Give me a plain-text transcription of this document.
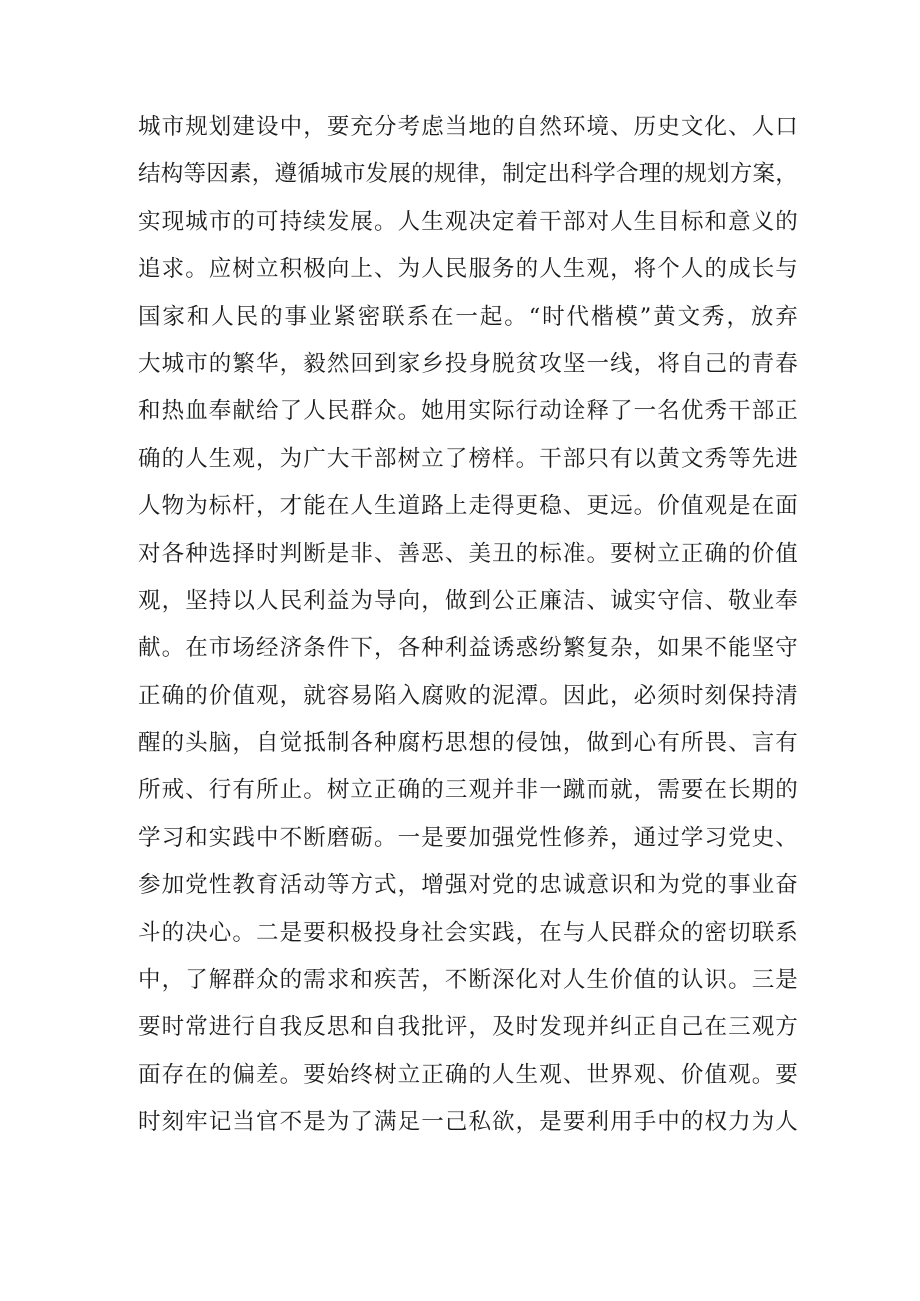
城市规划建设中，要充分考虑当地的自然环境、历史文化、人口
结构等因素，遵循城市发展的规律，制定出科学合理的规划方案，
实现城市的可持续发展。人生观决定着干部对人生目标和意义的
追求。应树立积极向上、为人民服务的人生观，将个人的成长与
国家和人民的事业紧密联系在一起。“时代楷模”黄文秀，放弃
大城市的繁华，毅然回到家乡投身脱贫攻坚一线，将自己的青春
和热血奉献给了人民群众。她用实际行动诠释了一名优秀干部正
确的人生观，为广大干部树立了榜样。干部只有以黄文秀等先进
人物为标杆，才能在人生道路上走得更稳、更远。价值观是在面
对各种选择时判断是非、善恶、美丑的标准。要树立正确的价值
观，坚持以人民利益为导向，做到公正廉洁、诚实守信、敬业奉
献。在市场经济条件下，各种利益诱惑纷繁复杂，如果不能坚守
正确的价值观，就容易陷入腐败的泥潭。因此，必须时刻保持清
醒的头脑，自觉抵制各种腐朽思想的侵蚀，做到心有所畏、言有
所戒、行有所止。树立正确的三观并非一蹴而就，需要在长期的
学习和实践中不断磨砺。一是要加强党性修养，通过学习党史、
参加党性教育活动等方式，增强对党的忠诚意识和为党的事业奋
斗的决心。二是要积极投身社会实践，在与人民群众的密切联系
中，了解群众的需求和疾苦，不断深化对人生价值的认识。三是
要时常进行自我反思和自我批评，及时发现并纠正自己在三观方
面存在的偏差。要始终树立正确的人生观、世界观、价值观。要
时刻牢记当官不是为了满足一己私欲，是要利用手中的权力为人
